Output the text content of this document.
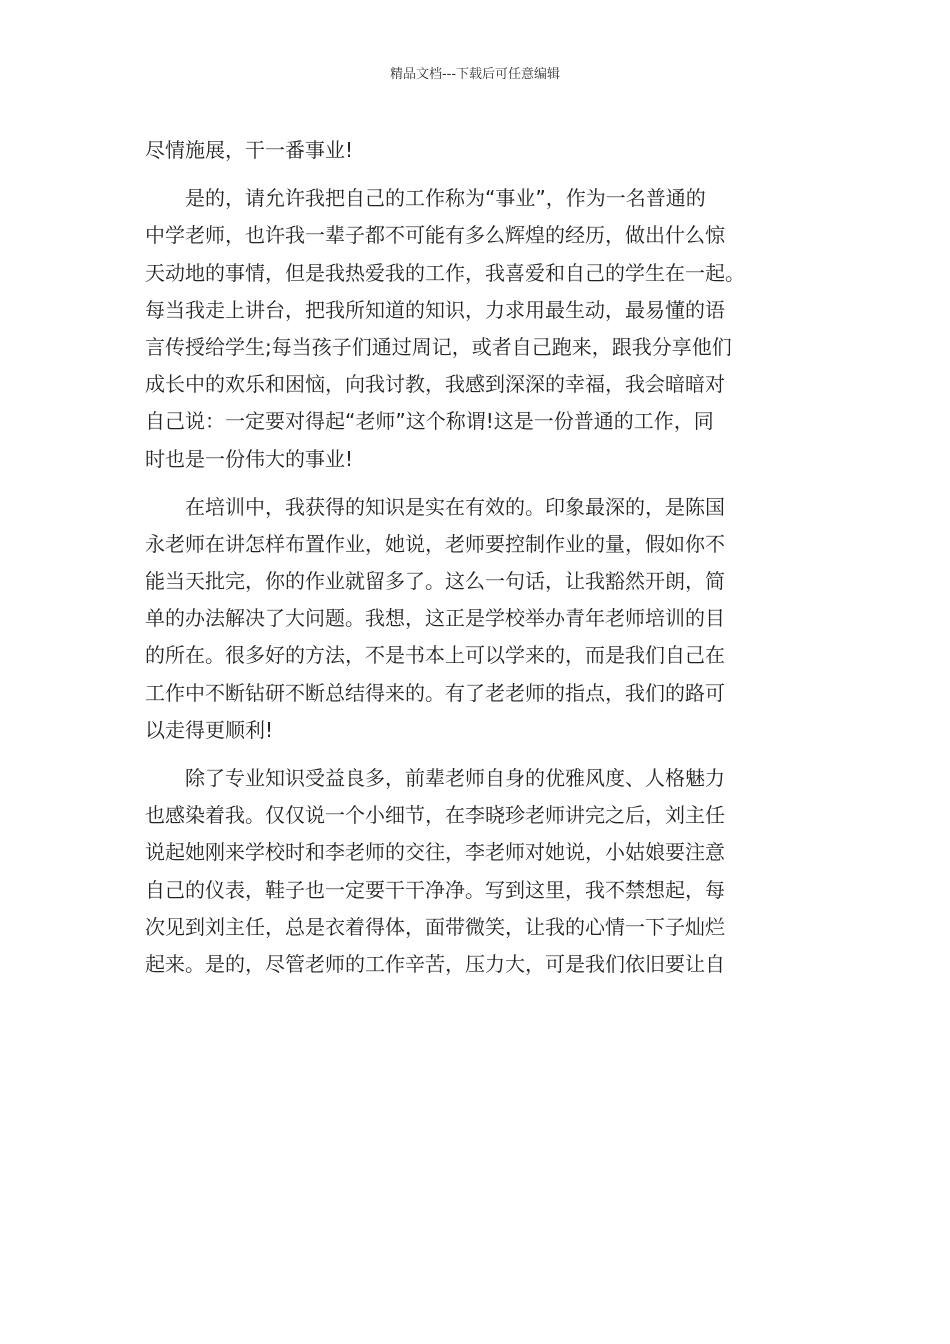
精品文档---下载后可任意编辑
尽情施展，干一番事业!
　　是的，请允许我把自己的工作称为“事业”，作为一名普通的
中学老师，也许我一辈子都不可能有多么辉煌的经历，做出什么惊
天动地的事情，但是我热爱我的工作，我喜爱和自己的学生在一起。
每当我走上讲台，把我所知道的知识，力求用最生动，最易懂的语
言传授给学生;每当孩子们通过周记，或者自己跑来，跟我分享他们
成长中的欢乐和困恼，向我讨教，我感到深深的幸福，我会暗暗对
自己说：一定要对得起“老师”这个称谓!这是一份普通的工作，同
时也是一份伟大的事业!
　　在培训中，我获得的知识是实在有效的。印象最深的，是陈国
永老师在讲怎样布置作业，她说，老师要控制作业的量，假如你不
能当天批完，你的作业就留多了。这么一句话，让我豁然开朗，简
单的办法解决了大问题。我想，这正是学校举办青年老师培训的目
的所在。很多好的方法，不是书本上可以学来的，而是我们自己在
工作中不断钻研不断总结得来的。有了老老师的指点，我们的路可
以走得更顺利!
　　除了专业知识受益良多，前辈老师自身的优雅风度、人格魅力
也感染着我。仅仅说一个小细节，在李晓珍老师讲完之后，刘主任
说起她刚来学校时和李老师的交往，李老师对她说，小姑娘要注意
自己的仪表，鞋子也一定要干干净净。写到这里，我不禁想起，每
次见到刘主任，总是衣着得体，面带微笑，让我的心情一下子灿烂
起来。是的，尽管老师的工作辛苦，压力大，可是我们依旧要让自
